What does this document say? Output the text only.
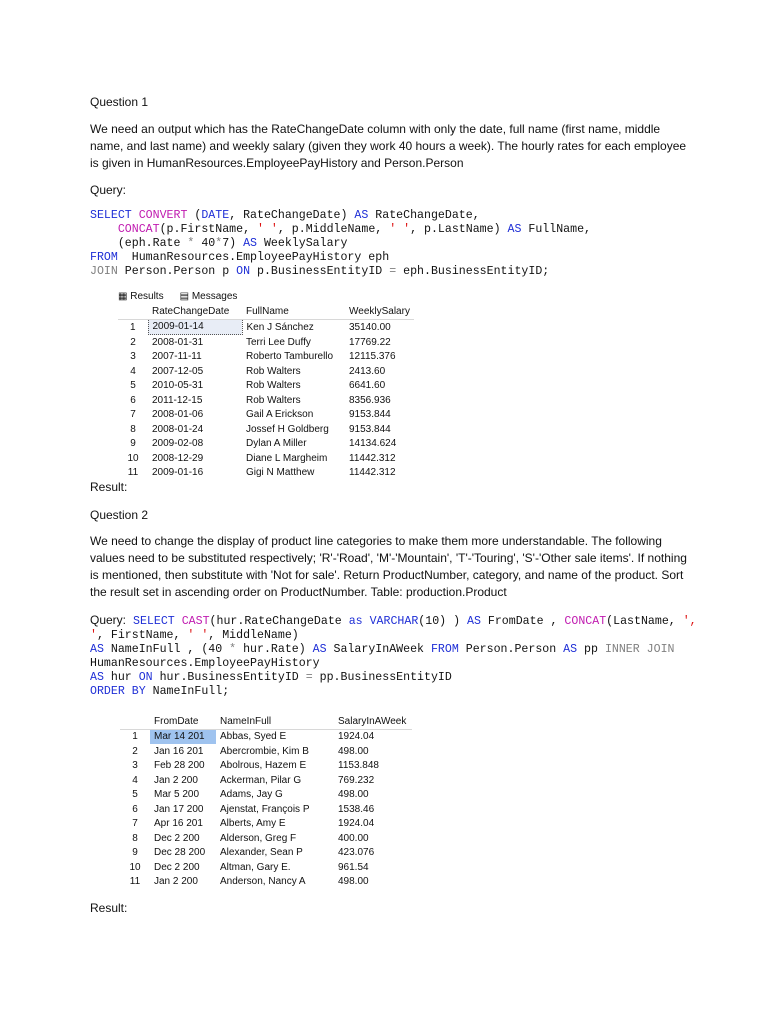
Question 1

We need an output which has the RateChangeDate column with only the date, full name (first name, middle name, and last name) and weekly salary (given they work 40 hours a week). The hourly rates for each employee is given in HumanResources.EmployeePayHistory and Person.Person

Query:

SELECT CONVERT (DATE, RateChangeDate) AS RateChangeDate,
CONCAT(p.FirstName, ' ', p.MiddleName, ' ', p.LastName) AS FullName,
(eph.Rate * 40*7) AS WeeklySalary
FROM  HumanResources.EmployeePayHistory eph
JOIN Person.Person p ON p.BusinessEntityID = eph.BusinessEntityID;
▦ Results ▤ Messages
	RateChangeDate	FullName	WeeklySalary
1	2009-01-14	Ken J Sánchez	35140.00
2	2008-01-31	Terri Lee Duffy	17769.22
3	2007-11-11	Roberto Tamburello	12115.376
4	2007-12-05	Rob Walters	2413.60
5	2010-05-31	Rob Walters	6641.60
6	2011-12-15	Rob Walters	8356.936
7	2008-01-06	Gail A Erickson	9153.844
8	2008-01-24	Jossef H Goldberg	9153.844
9	2009-02-08	Dylan A Miller	14134.624
10	2008-12-29	Diane L Margheim	11442.312
11	2009-01-16	Gigi N Matthew	11442.312
Result:

Question 2

We need to change the display of product line categories to make them more understandable. The following values need to be substituted respectively; 'R'-'Road', 'M'-'Mountain', 'T'-'Touring', 'S'-'Other sale items'. If nothing is mentioned, then substitute with 'Not for sale'. Return ProductNumber, category, and name of the product. Sort the result set in ascending order on ProductNumber. Table: production.Product

Query: SELECT CAST(hur.RateChangeDate as VARCHAR(10) ) AS FromDate , CONCAT(LastName, ',
', FirstName, ' ', MiddleName)
AS NameInFull , (40 * hur.Rate) AS SalaryInAWeek FROM Person.Person AS pp INNER JOIN
HumanResources.EmployeePayHistory
AS hur ON hur.BusinessEntityID = pp.BusinessEntityID
ORDER BY NameInFull;
	FromDate	NameInFull	SalaryInAWeek
1	Mar 14 201	Abbas, Syed E	1924.04
2	Jan 16 201	Abercrombie, Kim B	498.00
3	Feb 28 200	Abolrous, Hazem E	1153.848
4	Jan 2 200	Ackerman, Pilar G	769.232
5	Mar 5 200	Adams, Jay G	498.00
6	Jan 17 200	Ajenstat, François P	1538.46
7	Apr 16 201	Alberts, Amy E	1924.04
8	Dec 2 200	Alderson, Greg F	400.00
9	Dec 28 200	Alexander, Sean P	423.076
10	Dec 2 200	Altman, Gary E.	961.54
11	Jan 2 200	Anderson, Nancy A	498.00
Result:
